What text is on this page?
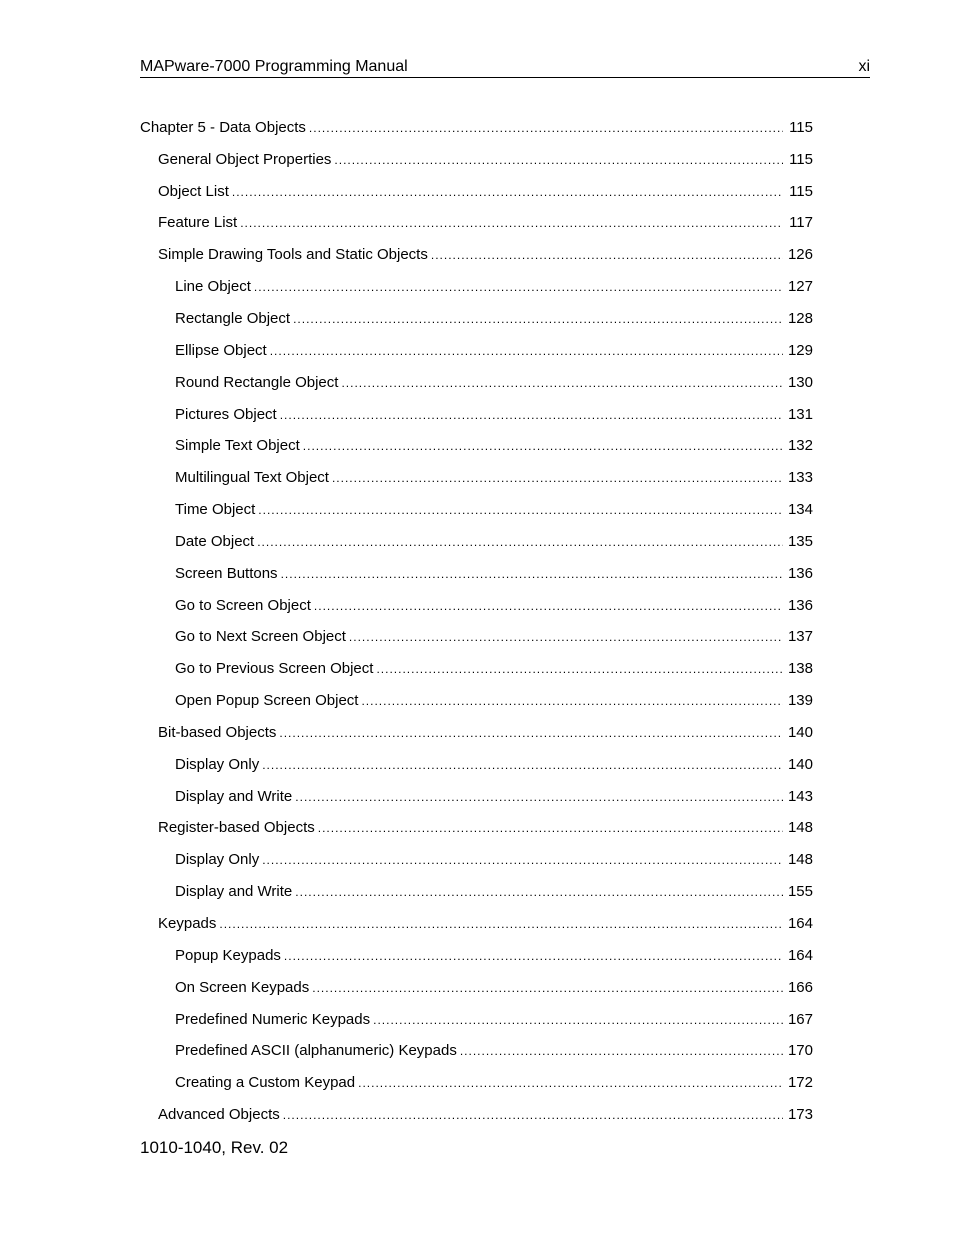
MAPware-7000 Programming Manual	xi
Chapter 5 - Data Objects .....	115
General Object Properties .....	115
Object List .....	115
Feature List .....	117
Simple Drawing Tools and Static Objects .....	126
Line Object .....	127
Rectangle Object .....	128
Ellipse Object .....	129
Round Rectangle Object .....	130
Pictures Object .....	131
Simple Text Object .....	132
Multilingual Text Object .....	133
Time Object .....	134
Date Object .....	135
Screen Buttons .....	136
Go to Screen Object .....	136
Go to Next Screen Object .....	137
Go to Previous Screen Object .....	138
Open Popup Screen Object .....	139
Bit-based Objects .....	140
Display Only .....	140
Display and Write .....	143
Register-based Objects .....	148
Display Only .....	148
Display and Write .....	155
Keypads .....	164
Popup Keypads .....	164
On Screen Keypads .....	166
Predefined Numeric Keypads .....	167
Predefined ASCII (alphanumeric) Keypads .....	170
Creating a Custom Keypad .....	172
Advanced Objects .....	173
1010-1040, Rev. 02
